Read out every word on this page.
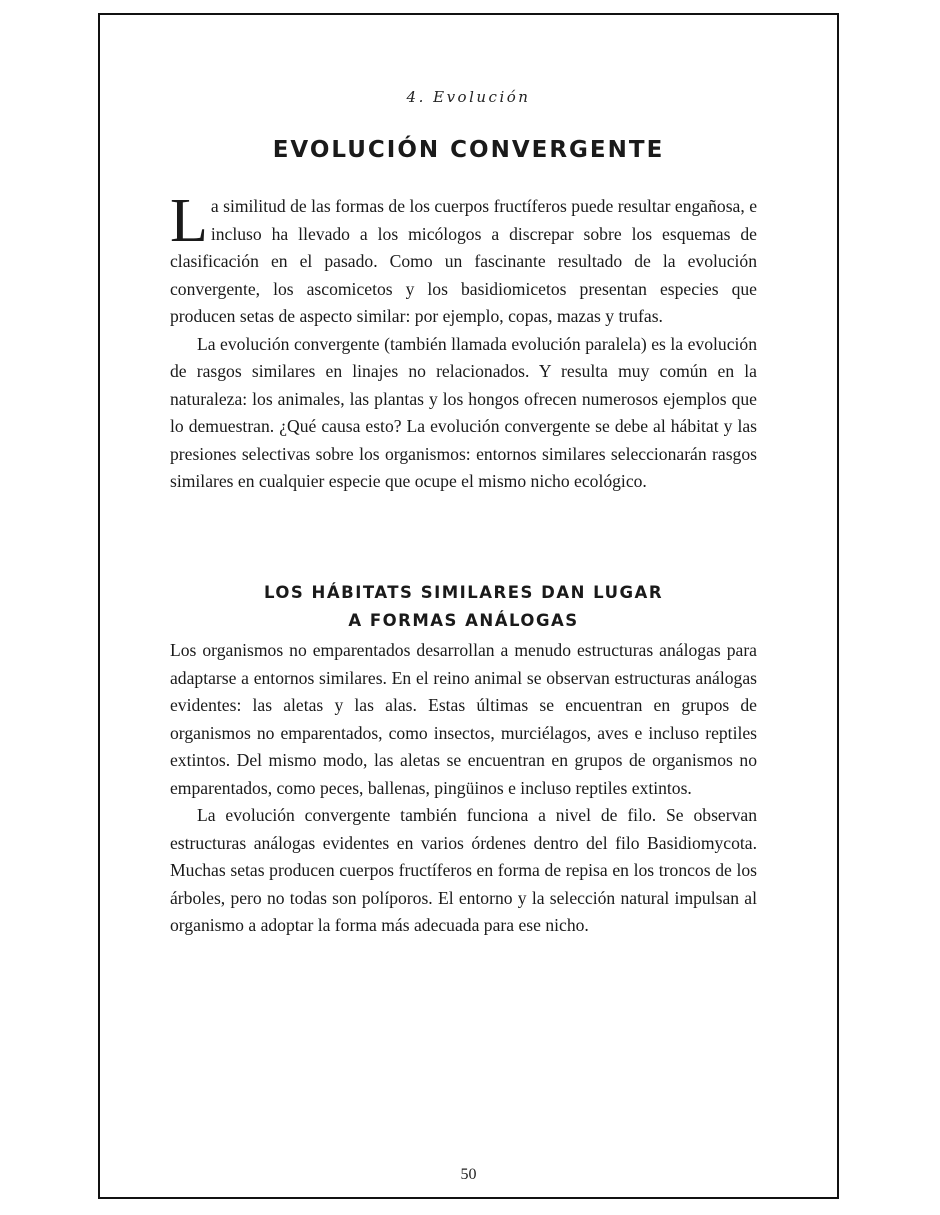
4. Evolución
EVOLUCIÓN CONVERGENTE

La similitud de las formas de los cuerpos fructíferos puede resultar engañosa, e incluso ha llevado a los micólogos a discrepar sobre los esquemas de clasificación en el pasado. Como un fascinante resultado de la evolución convergente, los ascomicetos y los basidiomicetos presentan especies que producen setas de aspecto similar: por ejemplo, copas, mazas y trufas.

La evolución convergente (también llamada evolución paralela) es la evolución de rasgos similares en linajes no relacionados. Y resulta muy común en la naturaleza: los animales, las plantas y los hongos ofrecen numerosos ejemplos que lo demuestran. ¿Qué causa esto? La evolución convergente se debe al hábitat y las presiones selectivas sobre los organismos: entornos similares seleccionarán rasgos similares en cualquier especie que ocupe el mismo nicho ecológico.

LOS HÁBITATS SIMILARES DAN LUGAR
A FORMAS ANÁLOGAS

Los organismos no emparentados desarrollan a menudo estructuras análogas para adaptarse a entornos similares. En el reino animal se observan estructuras análogas evidentes: las aletas y las alas. Estas últimas se encuentran en grupos de organismos no emparentados, como insectos, murciélagos, aves e incluso reptiles extintos. Del mismo modo, las aletas se encuentran en grupos de organismos no emparentados, como peces, ballenas, pingüinos e incluso reptiles extintos.

La evolución convergente también funciona a nivel de filo. Se observan estructuras análogas evidentes en varios órdenes dentro del filo Basidiomycota. Muchas setas producen cuerpos fructíferos en forma de repisa en los troncos de los árboles, pero no todas son políporos. El entorno y la selección natural impulsan al organismo a adoptar la forma más adecuada para ese nicho.

50
